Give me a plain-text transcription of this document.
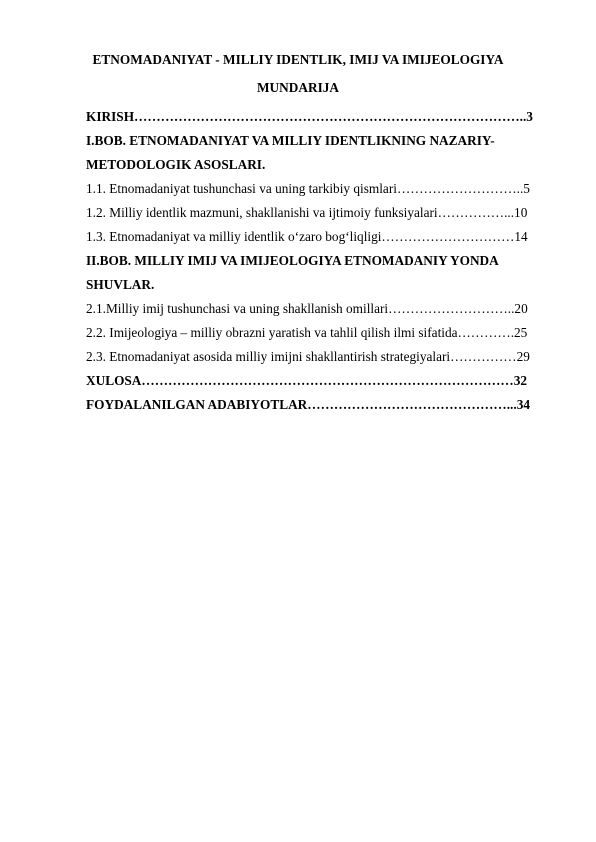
ETNOMADANIYAT - MILLIY IDENTLIK, IMIJ VA IMIJEOLOGIYA
MUNDARIJA
KIRISH……………………………………………………………………………..3
I.BOB. ETNOMADANIYAT VA MILLIY IDENTLIKNING NAZARIY-
METODOLOGIK ASOSLARI.
1.1. Etnomadaniyat tushunchasi va uning tarkibiy qismlari………………………..5
1.2. Milliy identlik mazmuni, shakllanishi va ijtimoiy funksiyalari……………...10
1.3. Etnomadaniyat va milliy identlik o‘zaro bog‘liqligi…………………………14
II.BOB. MILLIY IMIJ VA IMIJEOLOGIYA ETNOMADANIY YONDA
SHUVLAR.
2.1.Milliy imij tushunchasi va uning shakllanish omillari………………………..20
2.2. Imijeologiya – milliy obrazni yaratish va tahlil qilish ilmi sifatida………….25
2.3. Etnomadaniyat asosida milliy imijni shakllantirish strategiyalari……………29
XULOSA…………………………………………………………………………32
FOYDALANILGAN ADABIYOTLAR………………………………………...34
